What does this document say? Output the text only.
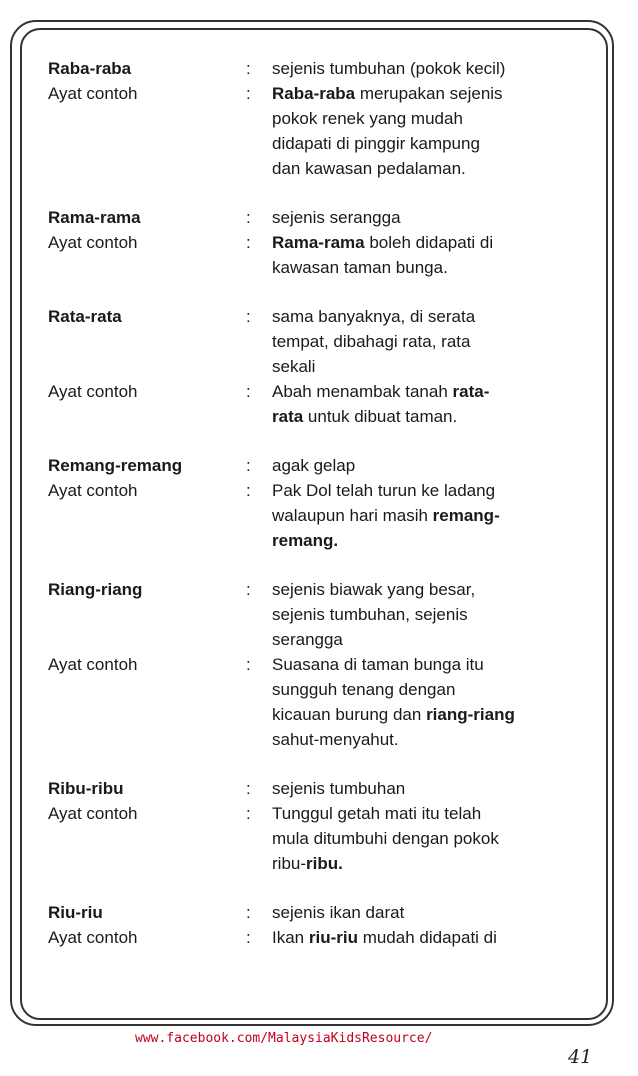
Raba-raba	:	sejenis tumbuhan (pokok kecil)
Ayat contoh	:	Raba-raba merupakan sejenis
pokok renek yang mudah
didapati di pinggir kampung
dan kawasan pedalaman.
Rama-rama	:	sejenis serangga
Ayat contoh	:	Rama-rama boleh didapati di
kawasan taman bunga.
Rata-rata	:	sama banyaknya, di serata
tempat, dibahagi rata, rata
sekali
Ayat contoh	:	Abah menambak tanah rata-
rata untuk dibuat taman.
Remang-remang	:	agak gelap
Ayat contoh	:	Pak Dol telah turun ke ladang
walaupun hari masih remang-
remang.
Riang-riang	:	sejenis biawak yang besar,
sejenis tumbuhan, sejenis
serangga
Ayat contoh	:	Suasana di taman bunga itu
sungguh tenang dengan
kicauan burung dan riang-riang
sahut-menyahut.
Ribu-ribu	:	sejenis tumbuhan
Ayat contoh	:	Tunggul getah mati itu telah
mula ditumbuhi dengan pokok
ribu-ribu.
Riu-riu	:	sejenis ikan darat
Ayat contoh	:	Ikan riu-riu mudah didapati di
www.facebook.com/MalaysiaKidsResource/
41
